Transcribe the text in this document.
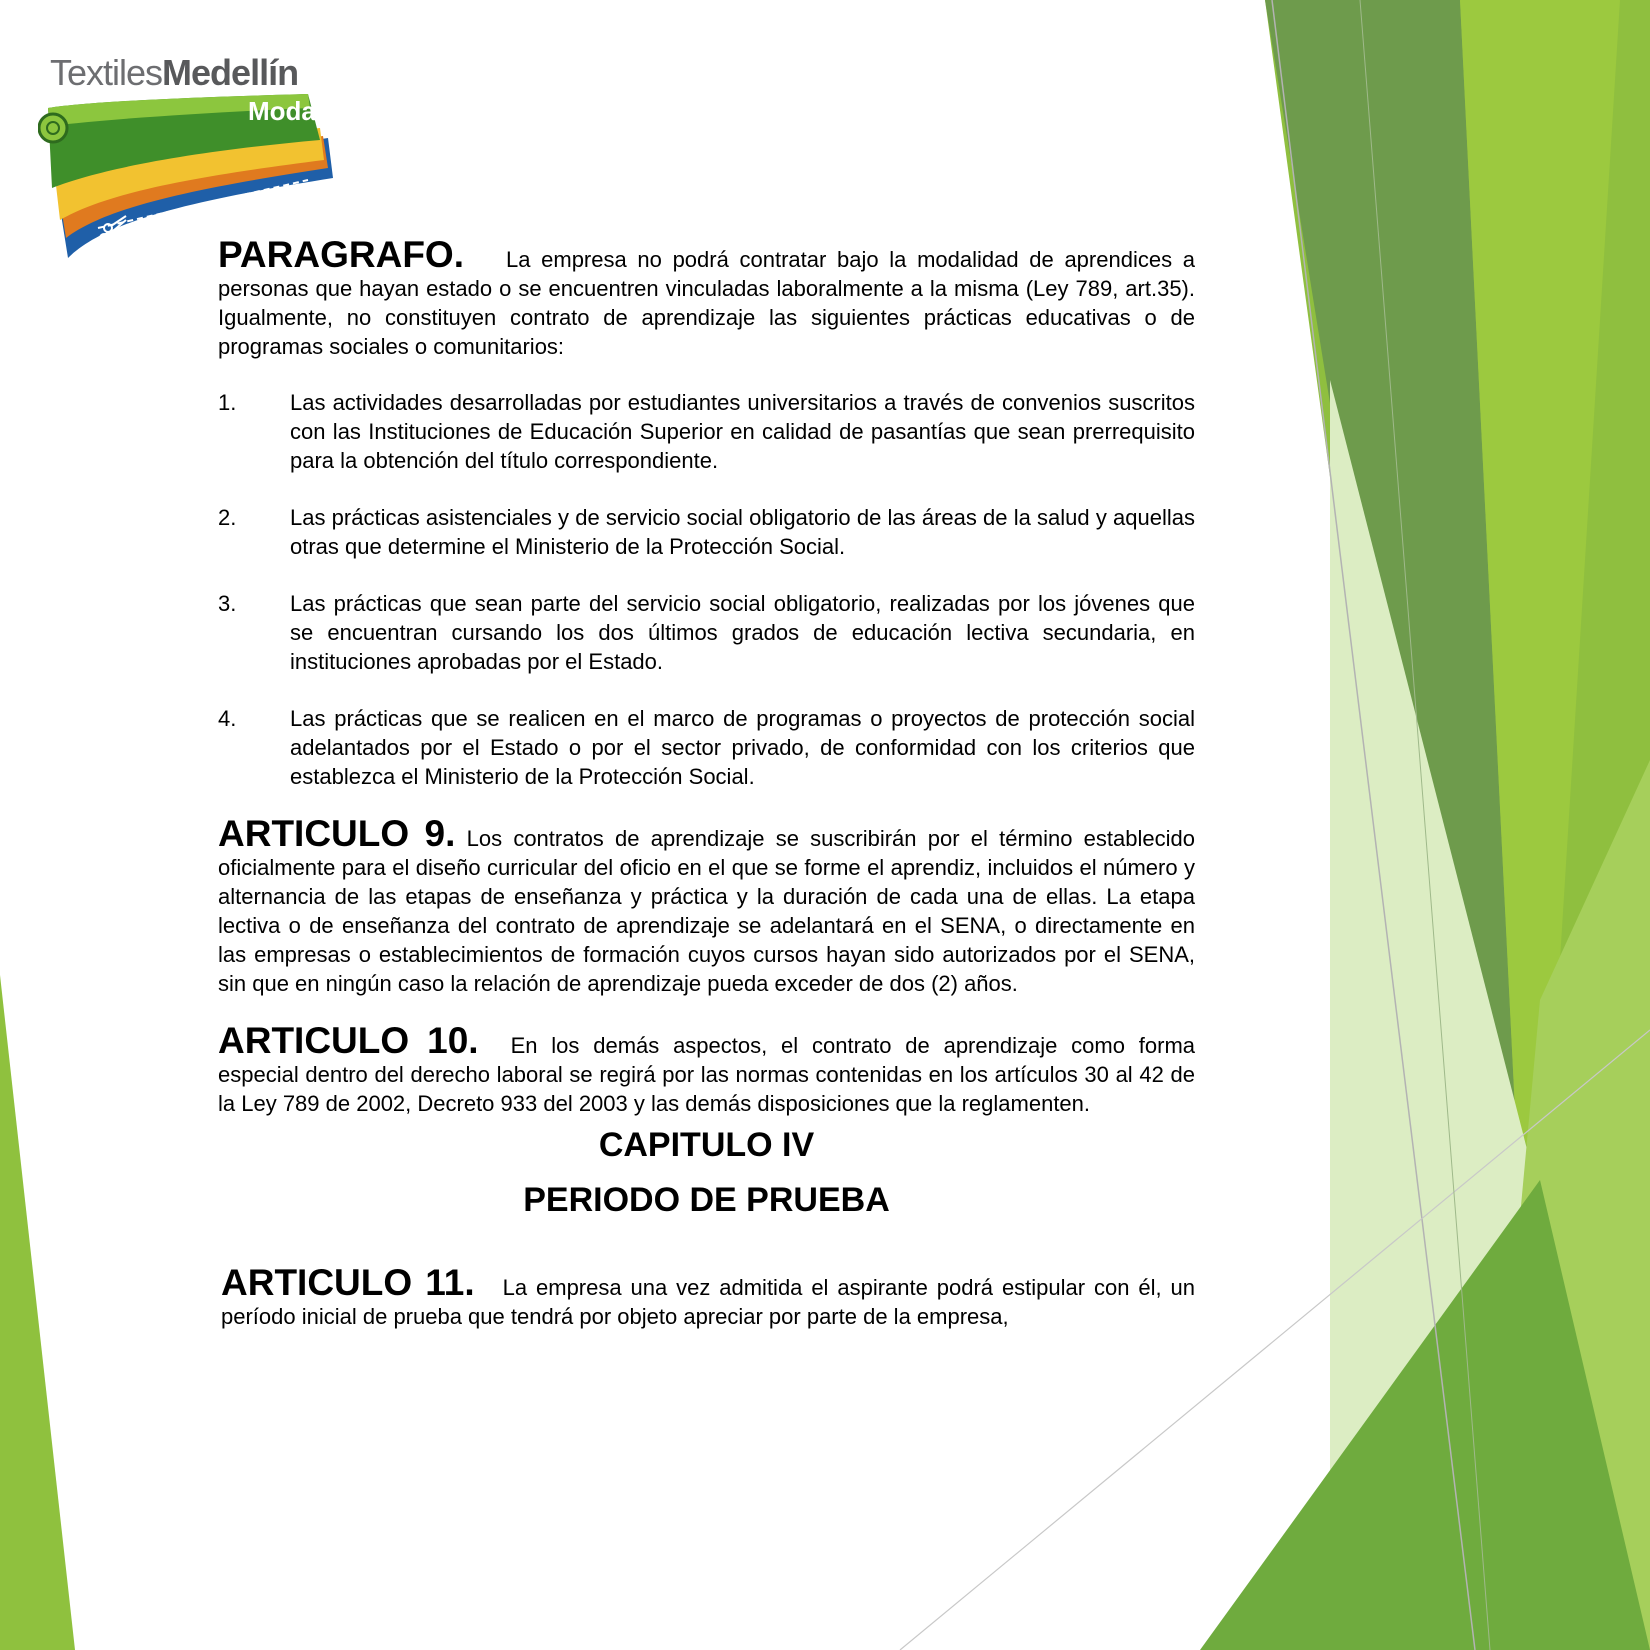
TextilesMedellín
Moda

PARAGRAFO. La empresa no podrá contratar bajo la modalidad de aprendices a personas que hayan estado o se encuentren vinculadas laboralmente a la misma (Ley 789, art.35). Igualmente, no constituyen contrato de aprendizaje las siguientes prácticas educativas o de programas sociales o comunitarios:

1.	Las actividades desarrolladas por estudiantes universitarios a través de convenios suscritos con las Instituciones de Educación Superior en calidad de pasantías que sean prerrequisito para la obtención del título correspondiente.
2.	Las prácticas asistenciales y de servicio social obligatorio de las áreas de la salud y aquellas otras que determine el Ministerio de la Protección Social.
3.	Las prácticas que sean parte del servicio social obligatorio, realizadas por los jóvenes que se encuentran cursando los dos últimos grados de educación lectiva secundaria, en instituciones aprobadas por el Estado.
4.	Las prácticas que se realicen en el marco de programas o proyectos de protección social adelantados por el Estado o por el sector privado, de conformidad con los criterios que establezca el Ministerio de la Protección Social.

ARTICULO 9. Los contratos de aprendizaje se suscribirán por el término establecido oficialmente para el diseño curricular del oficio en el que se forme el aprendiz, incluidos el número y alternancia de las etapas de enseñanza y práctica y la duración de cada una de ellas. La etapa lectiva o de enseñanza del contrato de aprendizaje se adelantará en el SENA, o directamente en las empresas o establecimientos de formación cuyos cursos hayan sido autorizados por el SENA, sin que en ningún caso la relación de aprendizaje pueda exceder de dos (2) años.

ARTICULO 10. En los demás aspectos, el contrato de aprendizaje como forma especial dentro del derecho laboral se regirá por las normas contenidas en los artículos 30 al 42 de la Ley 789 de 2002, Decreto 933 del 2003 y las demás disposiciones que la reglamenten.

CAPITULO IV

PERIODO DE PRUEBA

ARTICULO 11. La empresa una vez admitida el aspirante podrá estipular con él, un período inicial de prueba que tendrá por objeto apreciar por parte de la empresa,
